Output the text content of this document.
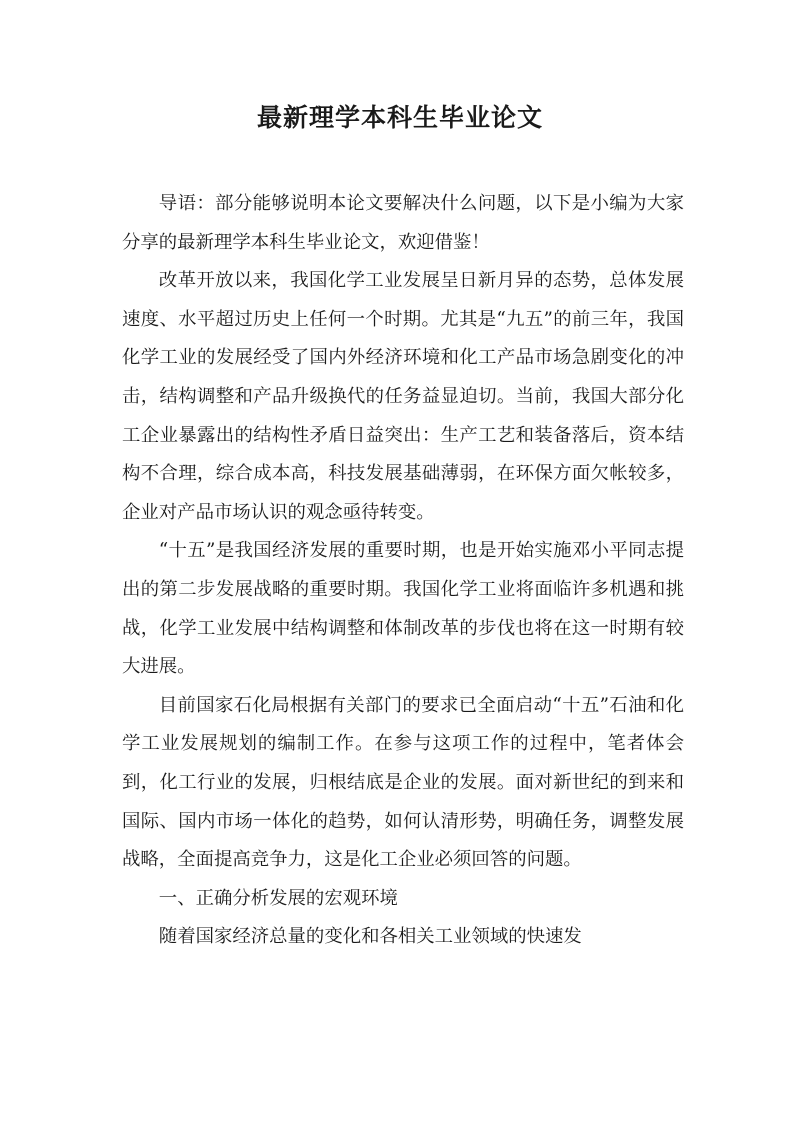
最新理学本科生毕业论文

导语：部分能够说明本论文要解决什么问题，以下是小编为大家分享的最新理学本科生毕业论文，欢迎借鉴！

改革开放以来，我国化学工业发展呈日新月异的态势，总体发展速度、水平超过历史上任何一个时期。尤其是“九五”的前三年，我国化学工业的发展经受了国内外经济环境和化工产品市场急剧变化的冲击，结构调整和产品升级换代的任务益显迫切。当前，我国大部分化工企业暴露出的结构性矛盾日益突出：生产工艺和装备落后，资本结构不合理，综合成本高，科技发展基础薄弱，在环保方面欠帐较多，企业对产品市场认识的观念亟待转变。

“十五”是我国经济发展的重要时期，也是开始实施邓小平同志提出的第二步发展战略的重要时期。我国化学工业将面临许多机遇和挑战，化学工业发展中结构调整和体制改革的步伐也将在这一时期有较大进展。

目前国家石化局根据有关部门的要求已全面启动“十五”石油和化学工业发展规划的编制工作。在参与这项工作的过程中，笔者体会到，化工行业的发展，归根结底是企业的发展。面对新世纪的到来和国际、国内市场一体化的趋势，如何认清形势，明确任务，调整发展战略，全面提高竞争力，这是化工企业必须回答的问题。

一、正确分析发展的宏观环境

随着国家经济总量的变化和各相关工业领域的快速发
